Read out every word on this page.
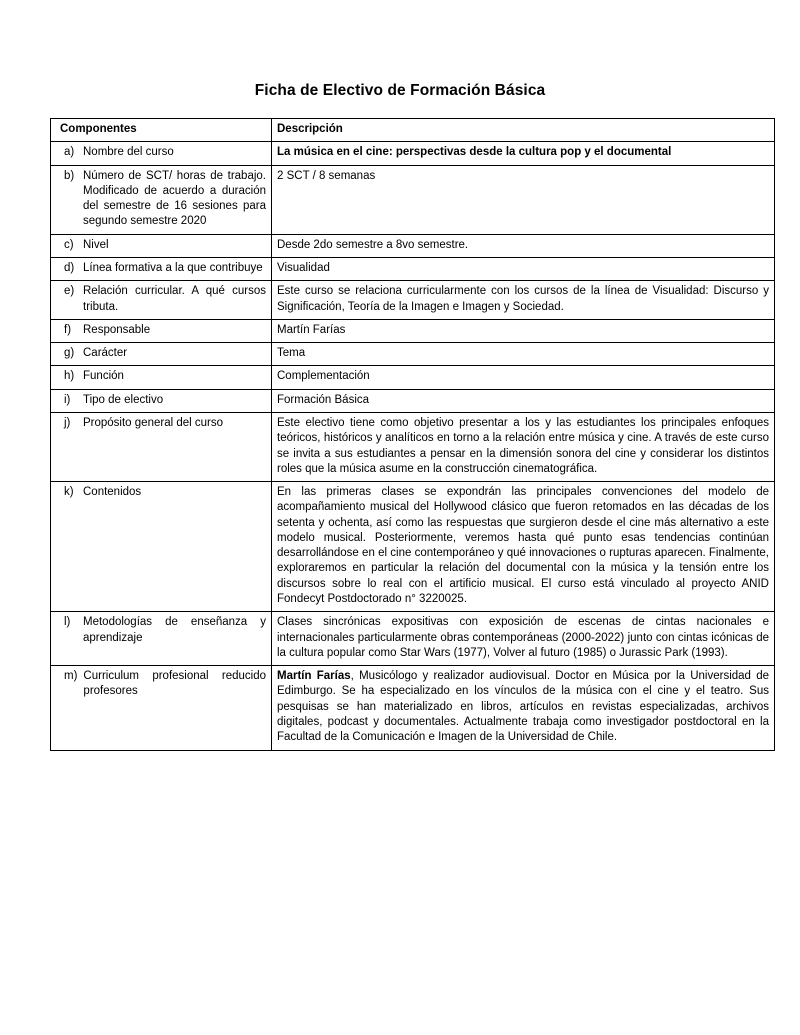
Ficha de Electivo de Formación Básica
Componentes	Descripción

a) Nombre del curso	La música en el cine: perspectivas desde la cultura pop y el documental

b) Número de SCT/ horas de trabajo. Modificado de acuerdo a duración del semestre de 16 sesiones para segundo semestre 2020	2 SCT / 8 semanas

c) Nivel	Desde 2do semestre a 8vo semestre.

d) Línea formativa a la que contribuye	Visualidad

e) Relación curricular. A qué cursos tributa.	Este curso se relaciona curricularmente con los cursos de la línea de Visualidad: Discurso y Significación, Teoría de la Imagen e Imagen y Sociedad.

f) Responsable	Martín Farías

g) Carácter	Tema

h) Función	Complementación

i) Tipo de electivo	Formación Básica

j) Propósito general del curso	Este electivo tiene como objetivo presentar a los y las estudiantes los principales enfoques teóricos, históricos y analíticos en torno a la relación entre música y cine. A través de este curso se invita a sus estudiantes a pensar en la dimensión sonora del cine y considerar los distintos roles que la música asume en la construcción cinematográfica.

k) Contenidos	En las primeras clases se expondrán las principales convenciones del modelo de acompañamiento musical del Hollywood clásico que fueron retomados en las décadas de los setenta y ochenta, así como las respuestas que surgieron desde el cine más alternativo a este modelo musical. Posteriormente, veremos hasta qué punto esas tendencias continúan desarrollándose en el cine contemporáneo y qué innovaciones o rupturas aparecen. Finalmente, exploraremos en particular la relación del documental con la música y la tensión entre los discursos sobre lo real con el artificio musical. El curso está vinculado al proyecto ANID Fondecyt Postdoctorado n° 3220025.

l) Metodologías de enseñanza y aprendizaje	Clases sincrónicas expositivas con exposición de escenas de cintas nacionales e internacionales particularmente obras contemporáneas (2000-2022) junto con cintas icónicas de la cultura popular como Star Wars (1977), Volver al futuro (1985) o Jurassic Park (1993).

m) Curriculum profesional reducido profesores	Martín Farías, Musicólogo y realizador audiovisual. Doctor en Música por la Universidad de Edimburgo. Se ha especializado en los vínculos de la música con el cine y el teatro. Sus pesquisas se han materializado en libros, artículos en revistas especializadas, archivos digitales, podcast y documentales. Actualmente trabaja como investigador postdoctoral en la Facultad de la Comunicación e Imagen de la Universidad de Chile.
